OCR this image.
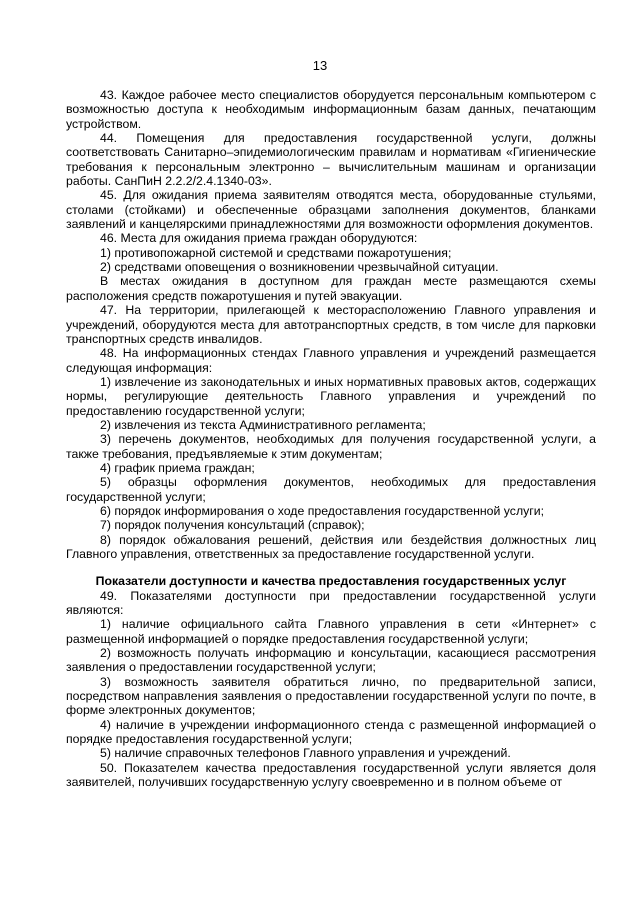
13

43. Каждое рабочее место специалистов оборудуется персональным компьютером с возможностью доступа к необходимым информационным базам данных, печатающим устройством.

44. Помещения для предоставления государственной услуги, должны соответствовать Санитарно–эпидемиологическим правилам и нормативам «Гигиенические требования к персональным электронно – вычислительным машинам и организации работы. СанПиН 2.2.2/2.4.1340-03».

45. Для ожидания приема заявителям отводятся места, оборудованные стульями, столами (стойками) и обеспеченные образцами заполнения документов, бланками заявлений и канцелярскими принадлежностями для возможности оформления документов.

46. Места для ожидания приема граждан оборудуются:

1) противопожарной системой и средствами пожаротушения;

2) средствами оповещения о возникновении чрезвычайной ситуации.

В местах ожидания в доступном для граждан месте размещаются схемы расположения средств пожаротушения и путей эвакуации.

47. На территории, прилегающей к месторасположению Главного управления и учреждений, оборудуются места для автотранспортных средств, в том числе для парковки транспортных средств инвалидов.

48. На информационных стендах Главного управления и учреждений размещается следующая информация:

1) извлечение из законодательных и иных нормативных правовых актов, содержащих нормы, регулирующие деятельность Главного управления и учреждений по предоставлению государственной услуги;

2) извлечения из текста Административного регламента;

3) перечень документов, необходимых для получения государственной услуги, а также требования, предъявляемые к этим документам;

4) график приема граждан;

5) образцы оформления документов, необходимых для предоставления государственной услуги;

6) порядок информирования о ходе предоставления государственной услуги;

7) порядок получения консультаций (справок);

8) порядок обжалования решений, действия или бездействия должностных лиц Главного управления, ответственных за предоставление государственной услуги.

Показатели доступности и качества предоставления государственных услуг

49. Показателями доступности при предоставлении государственной услуги являются:

1) наличие официального сайта Главного управления в сети «Интернет» с размещенной информацией о порядке предоставления государственной услуги;

2) возможность получать информацию и консультации, касающиеся рассмотрения заявления о предоставлении государственной услуги;

3) возможность заявителя обратиться лично, по предварительной записи, посредством направления заявления о предоставлении государственной услуги по почте, в форме электронных документов;

4) наличие в учреждении информационного стенда с размещенной информацией о порядке предоставления государственной услуги;

5) наличие справочных телефонов Главного управления и учреждений.

50. Показателем качества предоставления государственной услуги является доля заявителей, получивших государственную услугу своевременно и в полном объеме от
